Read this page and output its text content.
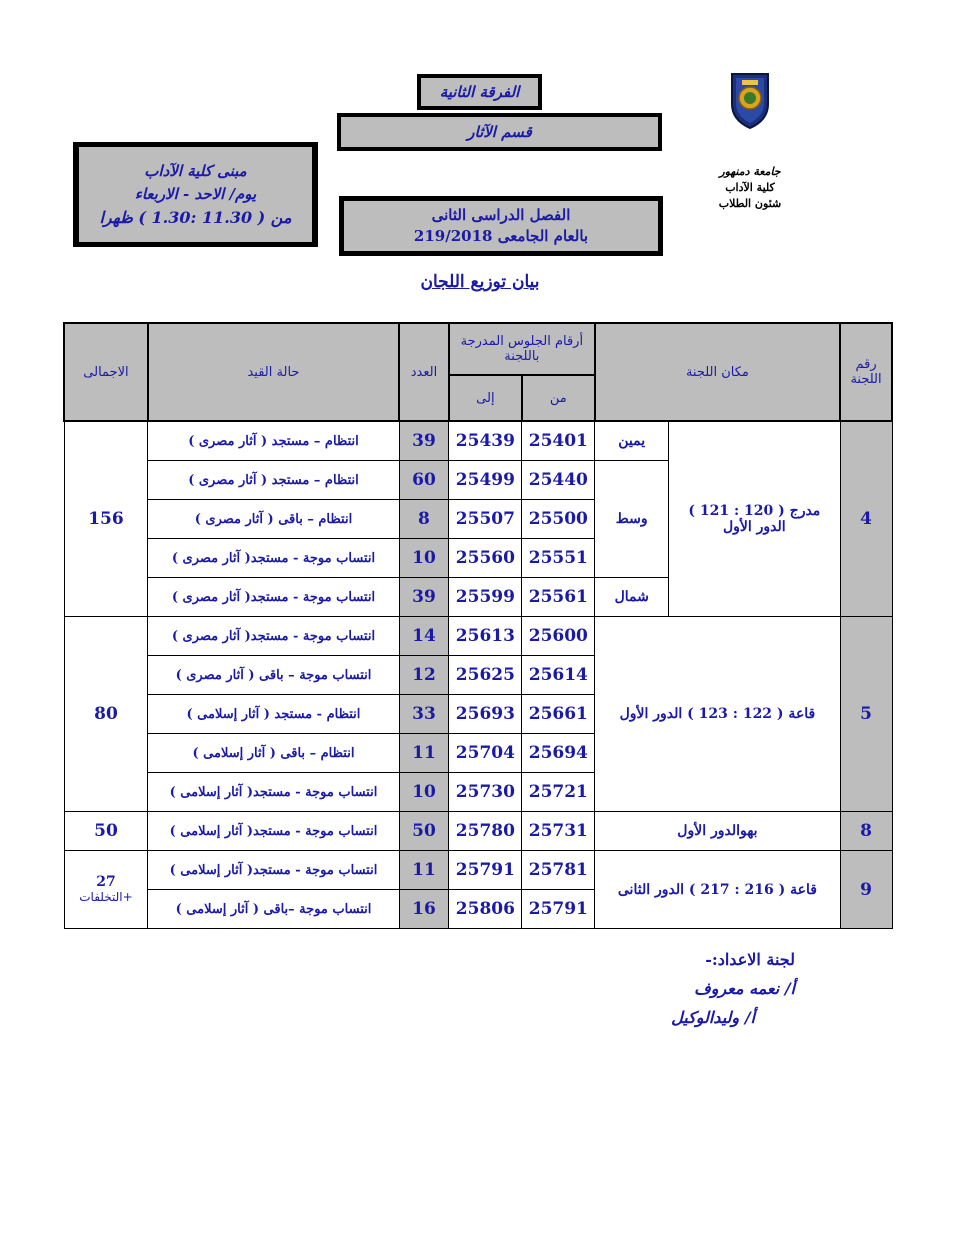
الفرقة الثانية
قسم الآثار
مبنى كلية الآداب
يوم/ الاحد - الاربعاء
من ( 11.30 :1.30 ) ظهرا	الفصل الدراسى الثانى
بالعام الجامعى 219/2018
جامعة دمنهور
كلية الآداب
شئون الطلاب
بيان توزيع اللجان
رقم اللجنة	مكان اللجنة		أرقام الجلوس المدرجة باللجنة		العدد	حالة القيد	الاجمالى
			من	إلى			
4	مدرج ( 120 : 121 ) الدور الأول	يمين	25401	25439	39	انتظام – مستجد ( آثار مصرى )	156
		وسط	25440	25499	60	انتظام – مستجد ( آثار مصرى )	
			25500	25507	8	انتظام – باقى ( آثار مصرى )	
			25551	25560	10	انتساب موجة - مستجد( آثار مصرى )	
		شمال	25561	25599	39	انتساب موجة - مستجد( آثار مصرى )	
5	قاعة ( 122 : 123 ) الدور الأول		25600	25613	14	انتساب موجة - مستجد( آثار مصرى )	80
			25614	25625	12	انتساب موجة – باقى ( آثار مصرى )	
			25661	25693	33	انتظام - مستجد ( آثار إسلامى )	
			25694	25704	11	انتظام – باقى ( آثار إسلامى )	
			25721	25730	10	انتساب موجة - مستجد( آثار إسلامى )	
8	بهوالدور الأول		25731	25780	50	انتساب موجة - مستجد( آثار إسلامى )	50
9	قاعة ( 216 : 217 ) الدور الثانى		25781	25791	11	انتساب موجة - مستجد( آثار إسلامى )	27
+التخلفات

			25791	25806	16	انتساب موجة –باقى ( آثار إسلامى )	
لجنة الاعداد:-
أ/ نعمه معروف
أ/ وليدالوكيل
